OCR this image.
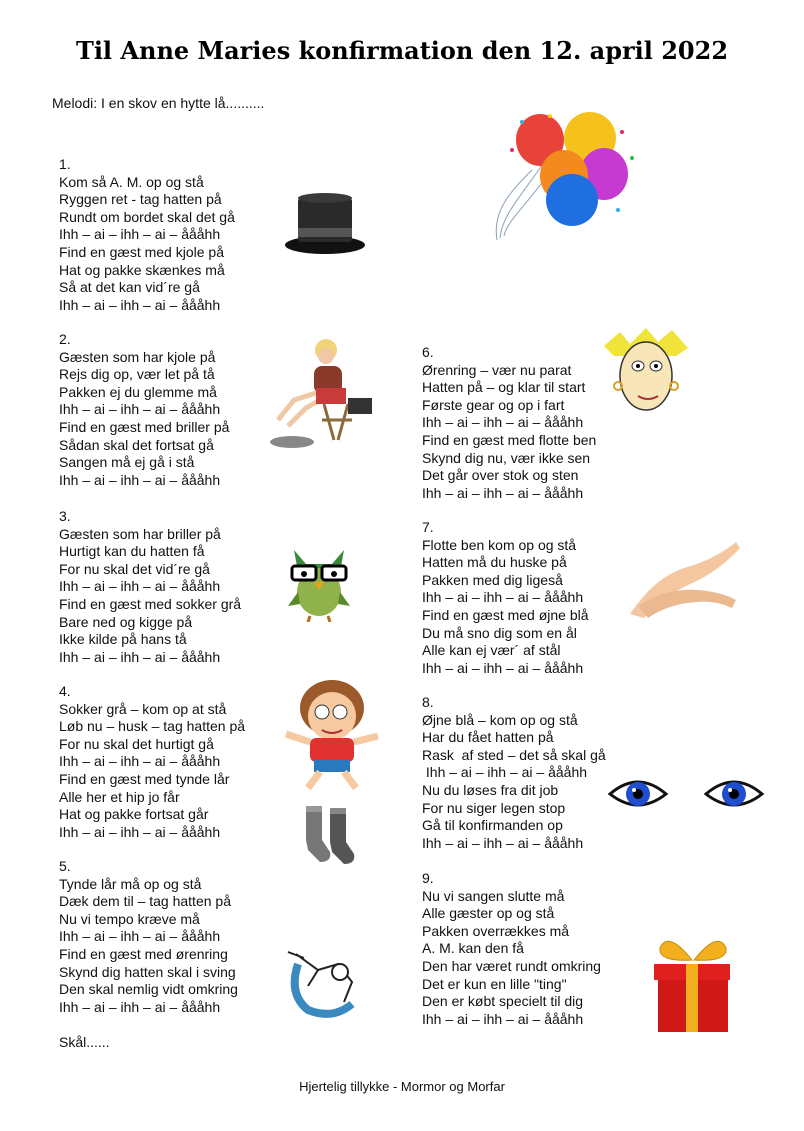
Til Anne Maries konfirmation den 12. april 2022
Melodi: I en skov en hytte lå..........
1.
Kom så A. M. op og stå
Ryggen ret - tag hatten på
Rundt om bordet skal det gå
Ihh – ai – ihh – ai – åååhh
Find en gæst med kjole på
Hat og pakke skænkes må
Så at det kan vid´re gå
Ihh – ai – ihh – ai – åååhh
2.
Gæsten som har kjole på
Rejs dig op, vær let på tå
Pakken ej du glemme må
Ihh – ai – ihh – ai – åååhh
Find en gæst med briller på
Sådan skal det fortsat gå
Sangen må ej gå i stå
Ihh – ai – ihh – ai – åååhh
3.
Gæsten som har briller på
Hurtigt kan du hatten få
For nu skal det vid´re gå
Ihh – ai – ihh – ai – åååhh
Find en gæst med sokker grå
Bare ned og kigge på
Ikke kilde på hans tå
Ihh – ai – ihh – ai – åååhh
4.
Sokker grå – kom op at stå
Løb nu – husk – tag hatten på
For nu skal det hurtigt gå
Ihh – ai – ihh – ai – åååhh
Find en gæst med tynde lår
Alle her et hip jo får
Hat og pakke fortsat går
Ihh – ai – ihh – ai – åååhh
5.
Tynde lår må op og stå
Dæk dem til – tag hatten på
Nu vi tempo kræve må
Ihh – ai – ihh – ai – åååhh
Find en gæst med ørenring
Skynd dig hatten skal i sving
Den skal nemlig vidt omkring
Ihh – ai – ihh – ai – åååhh
6.
Ørenring – vær nu parat
Hatten på – og klar til start
Første gear og op i fart
Ihh – ai – ihh – ai – åååhh
Find en gæst med flotte ben
Skynd dig nu, vær ikke sen
Det går over stok og sten
Ihh – ai – ihh – ai – åååhh
7.
Flotte ben kom op og stå
Hatten må du huske på
Pakken med dig ligeså
Ihh – ai – ihh – ai – åååhh
Find en gæst med øjne blå
Du må sno dig som en ål
Alle kan ej vær´ af stål
Ihh – ai – ihh – ai – åååhh
8.
Øjne blå – kom op og stå
Har du fået hatten på
Rask  af sted – det så skal gå
Ihh – ai – ihh – ai – åååhh
Nu du løses fra dit job
For nu siger legen stop
Gå til konfirmanden op
Ihh – ai – ihh – ai – åååhh
9.
Nu vi sangen slutte må
Alle gæster op og stå
Pakken overrækkes må
A. M. kan den få
Den har været rundt omkring
Det er kun en lille "ting"
Den er købt specielt til dig
Ihh – ai – ihh – ai – åååhh
Skål......
Hjertelig tillykke - Mormor og Morfar
